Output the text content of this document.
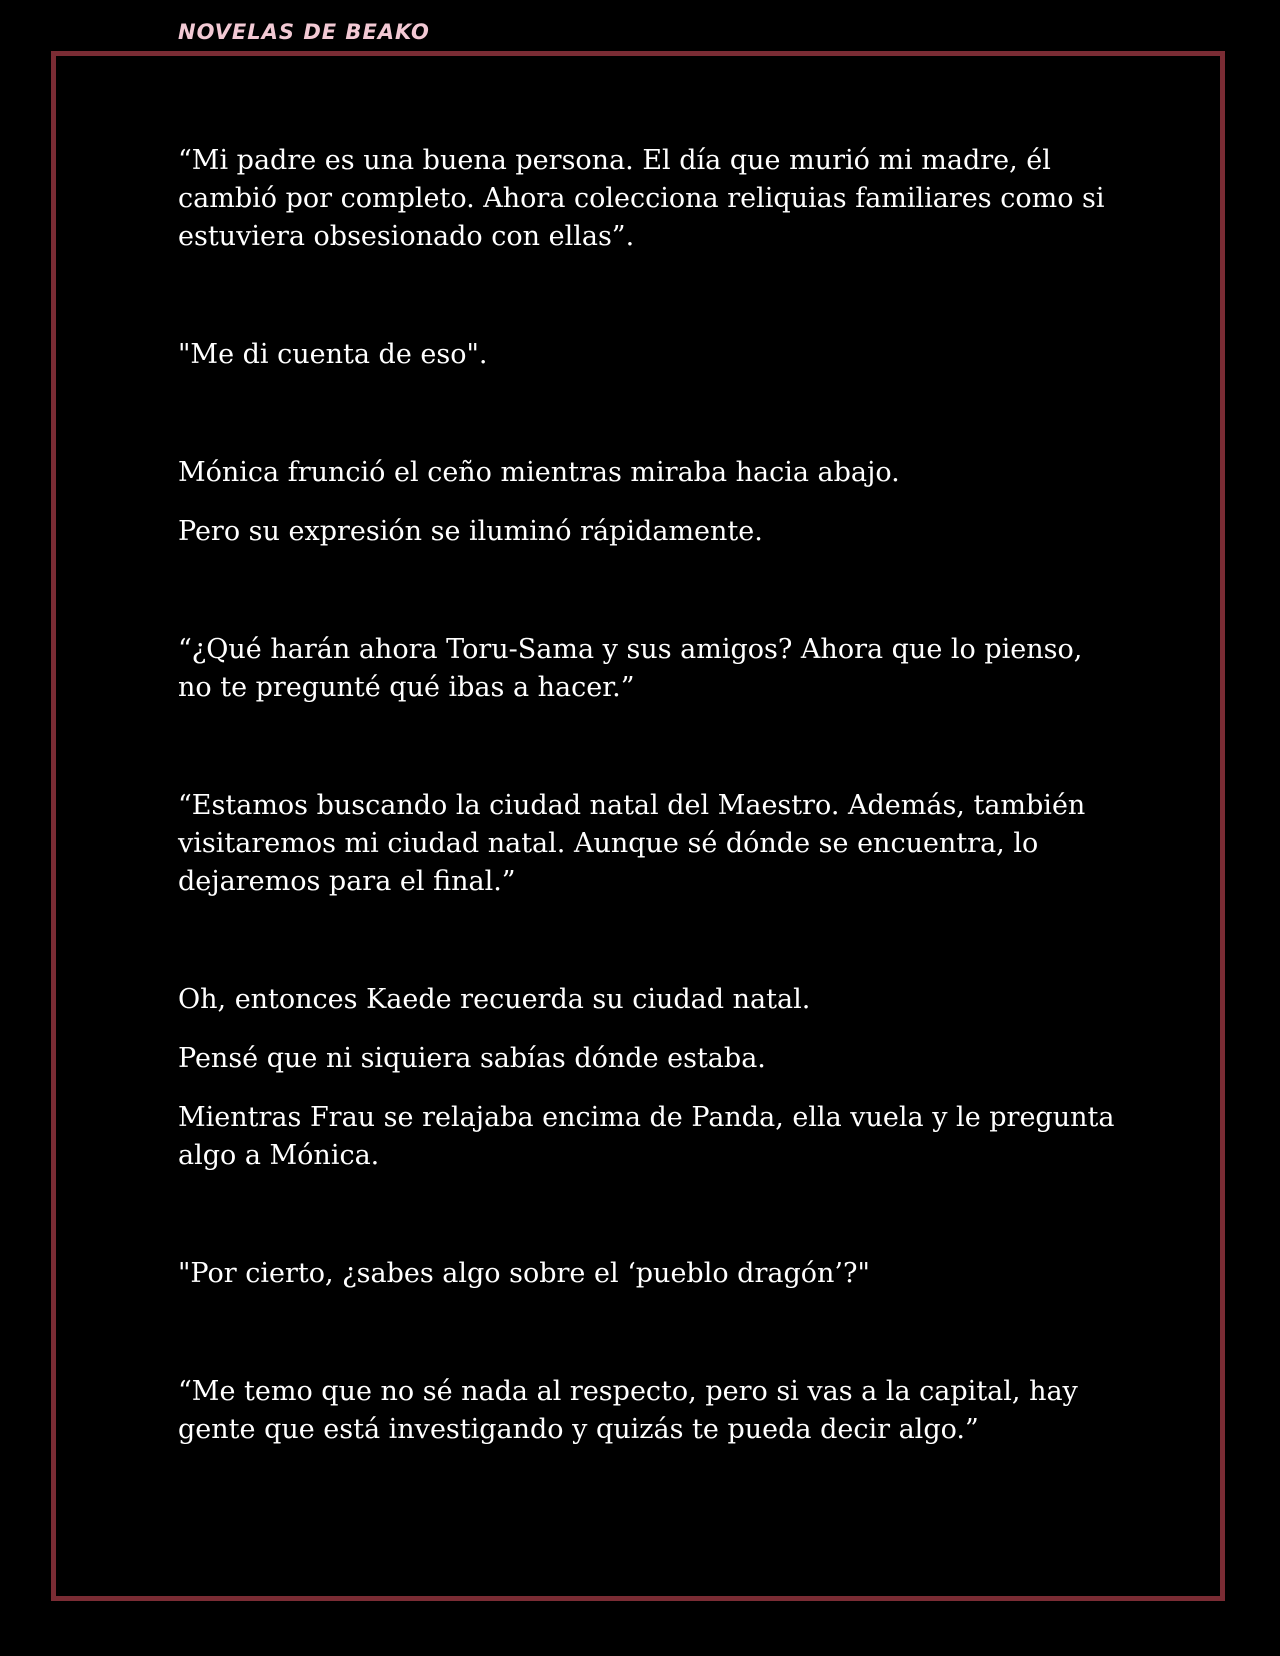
NOVELAS DE BEAKO

“Mi padre es una buena persona. El día que murió mi madre, él cambió por completo. Ahora colecciona reliquias familiares como si estuviera obsesionado con ellas”.

"Me di cuenta de eso".

Mónica frunció el ceño mientras miraba hacia abajo.

Pero su expresión se iluminó rápidamente.

“¿Qué harán ahora Toru-Sama y sus amigos? Ahora que lo pienso, no te pregunté qué ibas a hacer.”

“Estamos buscando la ciudad natal del Maestro. Además, también visitaremos mi ciudad natal. Aunque sé dónde se encuentra, lo dejaremos para el final.”

Oh, entonces Kaede recuerda su ciudad natal.

Pensé que ni siquiera sabías dónde estaba.

Mientras Frau se relajaba encima de Panda, ella vuela y le pregunta algo a Mónica.

"Por cierto, ¿sabes algo sobre el ‘pueblo dragón’?"

“Me temo que no sé nada al respecto, pero si vas a la capital, hay gente que está investigando y quizás te pueda decir algo.”
